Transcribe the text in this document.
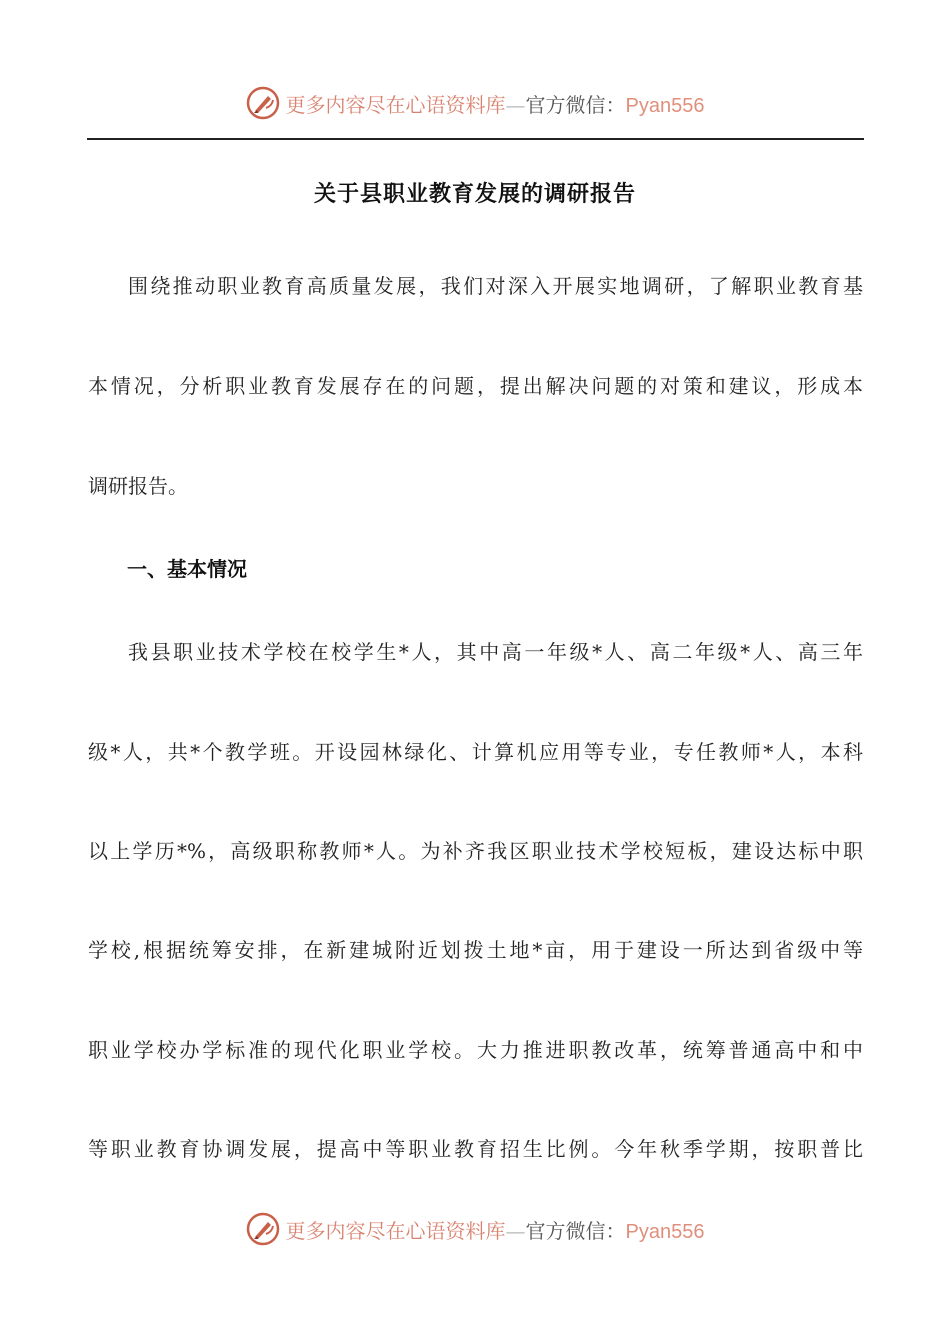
更多内容尽在心语资料库—官方微信：Pyan556
关于县职业教育发展的调研报告
围绕推动职业教育高质量发展，我们对深入开展实地调研，了解职业教育基
本情况，分析职业教育发展存在的问题，提出解决问题的对策和建议，形成本
调研报告。
一、基本情况
我县职业技术学校在校学生*人，其中高一年级*人、高二年级*人、高三年
级*人，共*个教学班。开设园林绿化、计算机应用等专业，专任教师*人，本科
以上学历*%，高级职称教师*人。为补齐我区职业技术学校短板，建设达标中职
学校,根据统筹安排，在新建城附近划拨土地*亩，用于建设一所达到省级中等
职业学校办学标准的现代化职业学校。大力推进职教改革，统筹普通高中和中
等职业教育协调发展，提高中等职业教育招生比例。今年秋季学期，按职普比
更多内容尽在心语资料库—官方微信：Pyan556
